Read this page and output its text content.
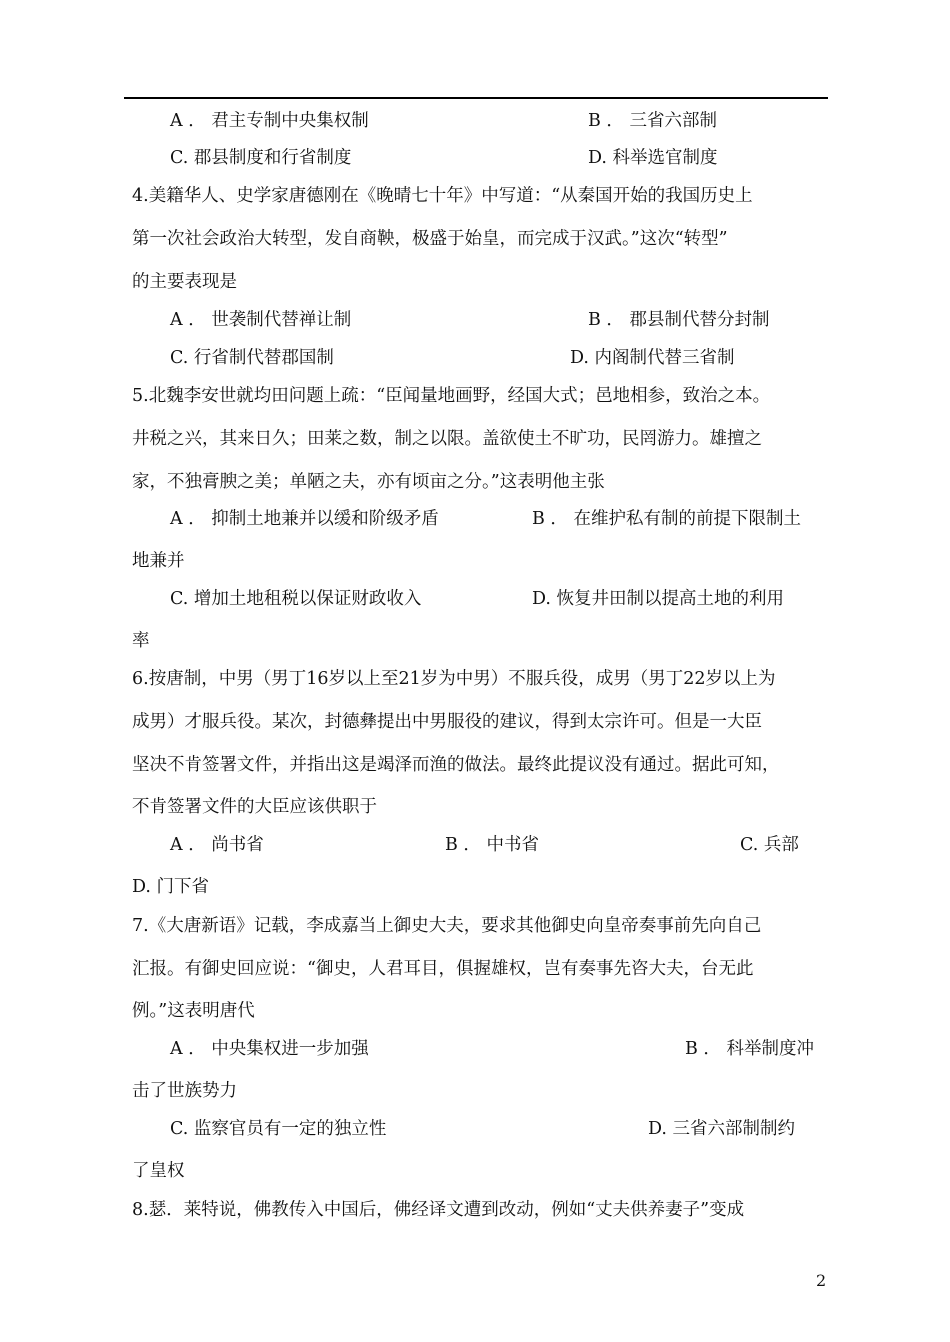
A ． 君主专制中央集权制	B ． 三省六部制
C. 郡县制度和行省制度	D. 科举选官制度
4.美籍华人、史学家唐德刚在《晚晴七十年》中写道：“从秦国开始的我国历史上
第一次社会政治大转型，发自商鞅，极盛于始皇，而完成于汉武。”这次“转型”
的主要表现是
A ． 世袭制代替禅让制	B ． 郡县制代替分封制
C. 行省制代替郡国制	D. 内阁制代替三省制
5.北魏李安世就均田问题上疏：“臣闻量地画野，经国大式；邑地相参，致治之本。
井税之兴，其来日久；田莱之数，制之以限。盖欲使土不旷功，民罔游力。雄擅之
家，不独膏腴之美；单陋之夫，亦有顷亩之分。”这表明他主张
A ． 抑制土地兼并以缓和阶级矛盾	B ． 在维护私有制的前提下限制土
地兼并
C. 增加土地租税以保证财政收入	D. 恢复井田制以提高土地的利用
率
6.按唐制，中男（男丁16岁以上至21岁为中男）不服兵役，成男（男丁22岁以上为
成男）才服兵役。某次，封德彝提出中男服役的建议，得到太宗许可。但是一大臣
坚决不肯签署文件，并指出这是竭泽而渔的做法。最终此提议没有通过。据此可知，
不肯签署文件的大臣应该供职于
A ． 尚书省	B ． 中书省	C. 兵部
D. 门下省
7.《大唐新语》记载，李成嘉当上御史大夫，要求其他御史向皇帝奏事前先向自己
汇报。有御史回应说：“御史，人君耳目，俱握雄权，岂有奏事先咨大夫，台无此
例。”这表明唐代
A ． 中央集权进一步加强	B ． 科举制度冲
击了世族势力
C. 监察官员有一定的独立性	D. 三省六部制制约
了皇权
8.瑟．莱特说，佛教传入中国后，佛经译文遭到改动，例如“丈夫供养妻子”变成
2
